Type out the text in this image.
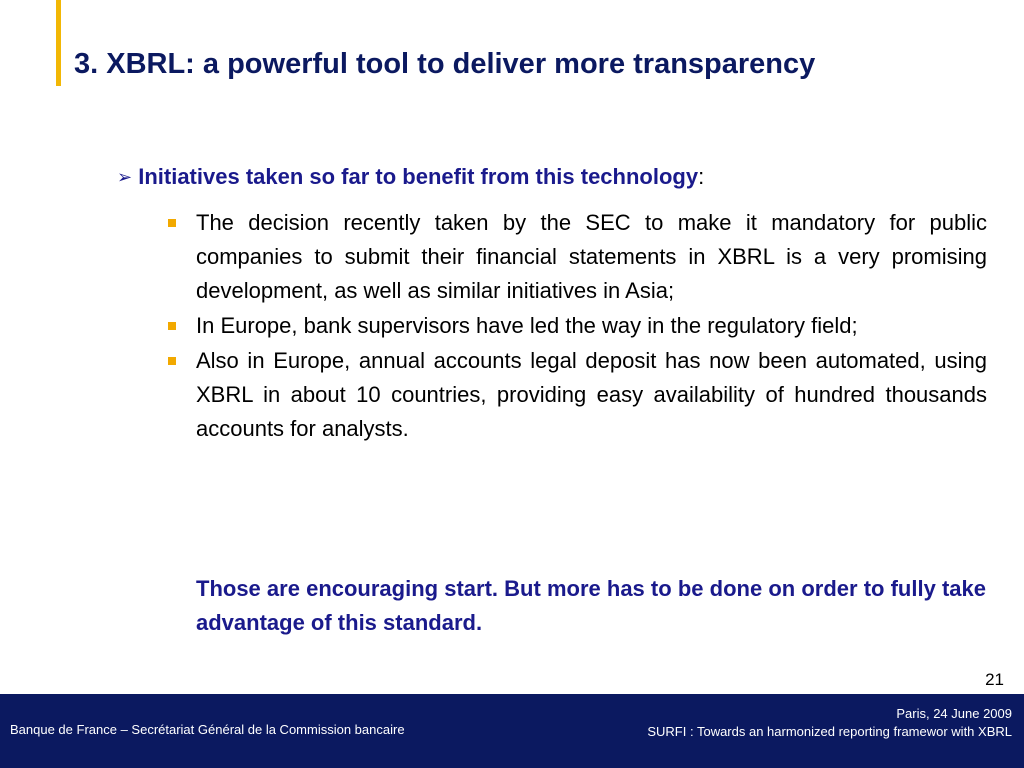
3. XBRL: a powerful tool to deliver more transparency
➢ Initiatives taken so far to benefit from this technology:
The decision recently taken by the SEC to make it mandatory for public companies to submit their financial statements in XBRL is a very promising development, as well as similar initiatives in Asia;
In Europe, bank supervisors have led the way in the regulatory field;
Also in Europe, annual accounts legal deposit has now been automated, using XBRL in about 10 countries, providing easy availability of hundred thousands accounts for analysts.
Those are encouraging start. But more has to be done on order to fully take advantage of this standard.
21
Banque de France – Secrétariat Général de la Commission bancaire
Paris, 24 June 2009
SURFI : Towards an harmonized reporting framewor with XBRL
